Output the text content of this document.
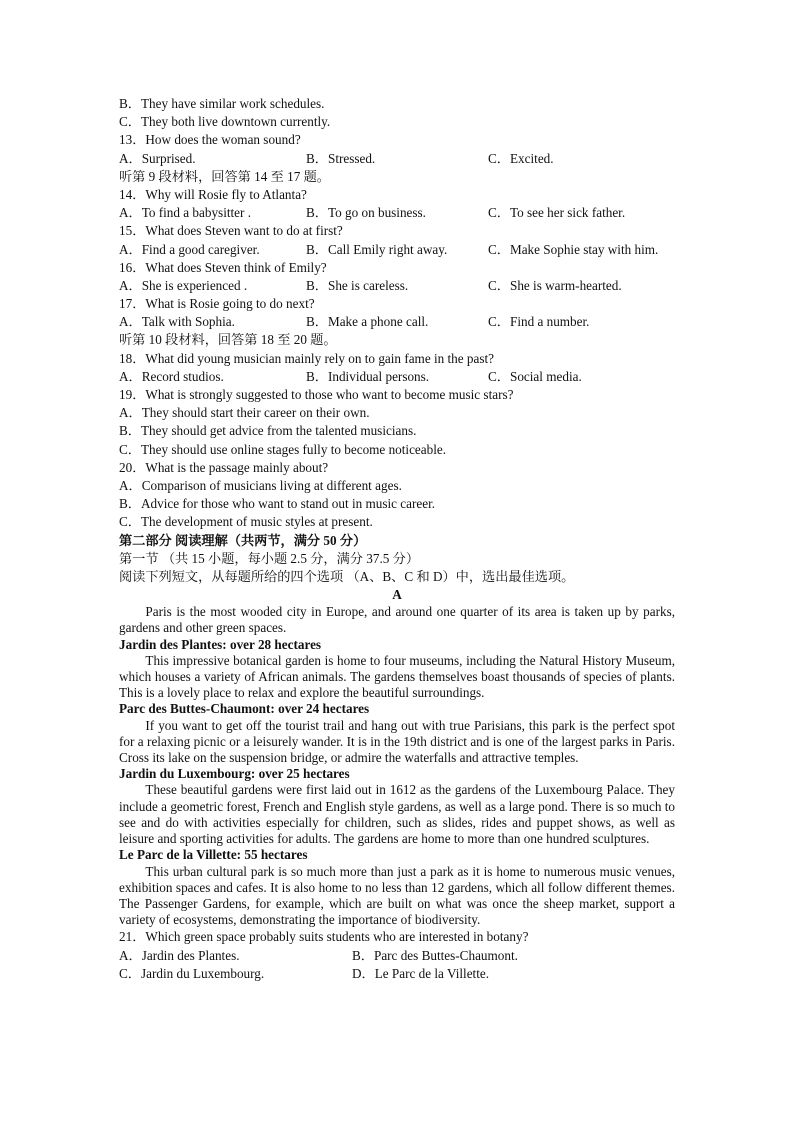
B．They have similar work schedules.
C．They both live downtown currently.
13．How does the woman sound?
A．Surprised.	B．Stressed.	C．Excited.
听第 9 段材料，回答第 14 至 17 题。
14．Why will Rosie fly to Atlanta?
A．To find a babysitter .	B．To go on business.	C．To see her sick father.
15．What does Steven want to do at first?
A．Find a good caregiver.	B．Call Emily right away.	C．Make Sophie stay with him.
16．What does Steven think of Emily?
A．She is experienced .	B．She is careless.	C．She is warm-hearted.
17．What is Rosie going to do next?
A．Talk with Sophia.	B．Make a phone call.	C．Find a number.
听第 10 段材料，回答第 18 至 20 题。
18．What did young musician mainly rely on to gain fame in the past?
A．Record studios.	B．Individual persons.	C．Social media.
19．What is strongly suggested to those who want to become music stars?
A．They should start their career on their own.
B．They should get advice from the talented musicians.
C．They should use online stages fully to become noticeable.
20．What is the passage mainly about?
A．Comparison of musicians living at different ages.
B．Advice for those who want to stand out in music career.
C．The development of music styles at present.
第二部分 阅读理解（共两节，满分 50 分）
第一节 （共 15 小题，每小题 2.5 分，满分 37.5 分）
阅读下列短文，从每题所给的四个选项 （A、B、C 和 D）中，选出最佳选项。
A

Paris is the most wooded city in Europe, and around one quarter of its area is taken up by parks, gardens and other green spaces.

Jardin des Plantes: over 28 hectares

This impressive botanical garden is home to four museums, including the Natural History Museum, which houses a variety of African animals. The gardens themselves boast thousands of species of plants. This is a lovely place to relax and explore the beautiful surroundings.

Parc des Buttes-Chaumont: over 24 hectares

If you want to get off the tourist trail and hang out with true Parisians, this park is the perfect spot for a relaxing picnic or a leisurely wander. It is in the 19th district and is one of the largest parks in Paris. Cross its lake on the suspension bridge, or admire the waterfalls and attractive temples.

Jardin du Luxembourg: over 25 hectares

These beautiful gardens were first laid out in 1612 as the gardens of the Luxembourg Palace. They include a geometric forest, French and English style gardens, as well as a large pond. There is so much to see and do with activities especially for children, such as slides, rides and puppet shows, as well as leisure and sporting activities for adults. The gardens are home to more than one hundred sculptures.

Le Parc de la Villette: 55 hectares

This urban cultural park is so much more than just a park as it is home to numerous music venues, exhibition spaces and cafes. It is also home to no less than 12 gardens, which all follow different themes. The Passenger Gardens, for example, which are built on what was once the sheep market, support a variety of ecosystems, demonstrating the importance of biodiversity.

21．Which green space probably suits students who are interested in botany?
A．Jardin des Plantes.	B．Parc des Buttes-Chaumont.
C．Jardin du Luxembourg.	D．Le Parc de la Villette.
